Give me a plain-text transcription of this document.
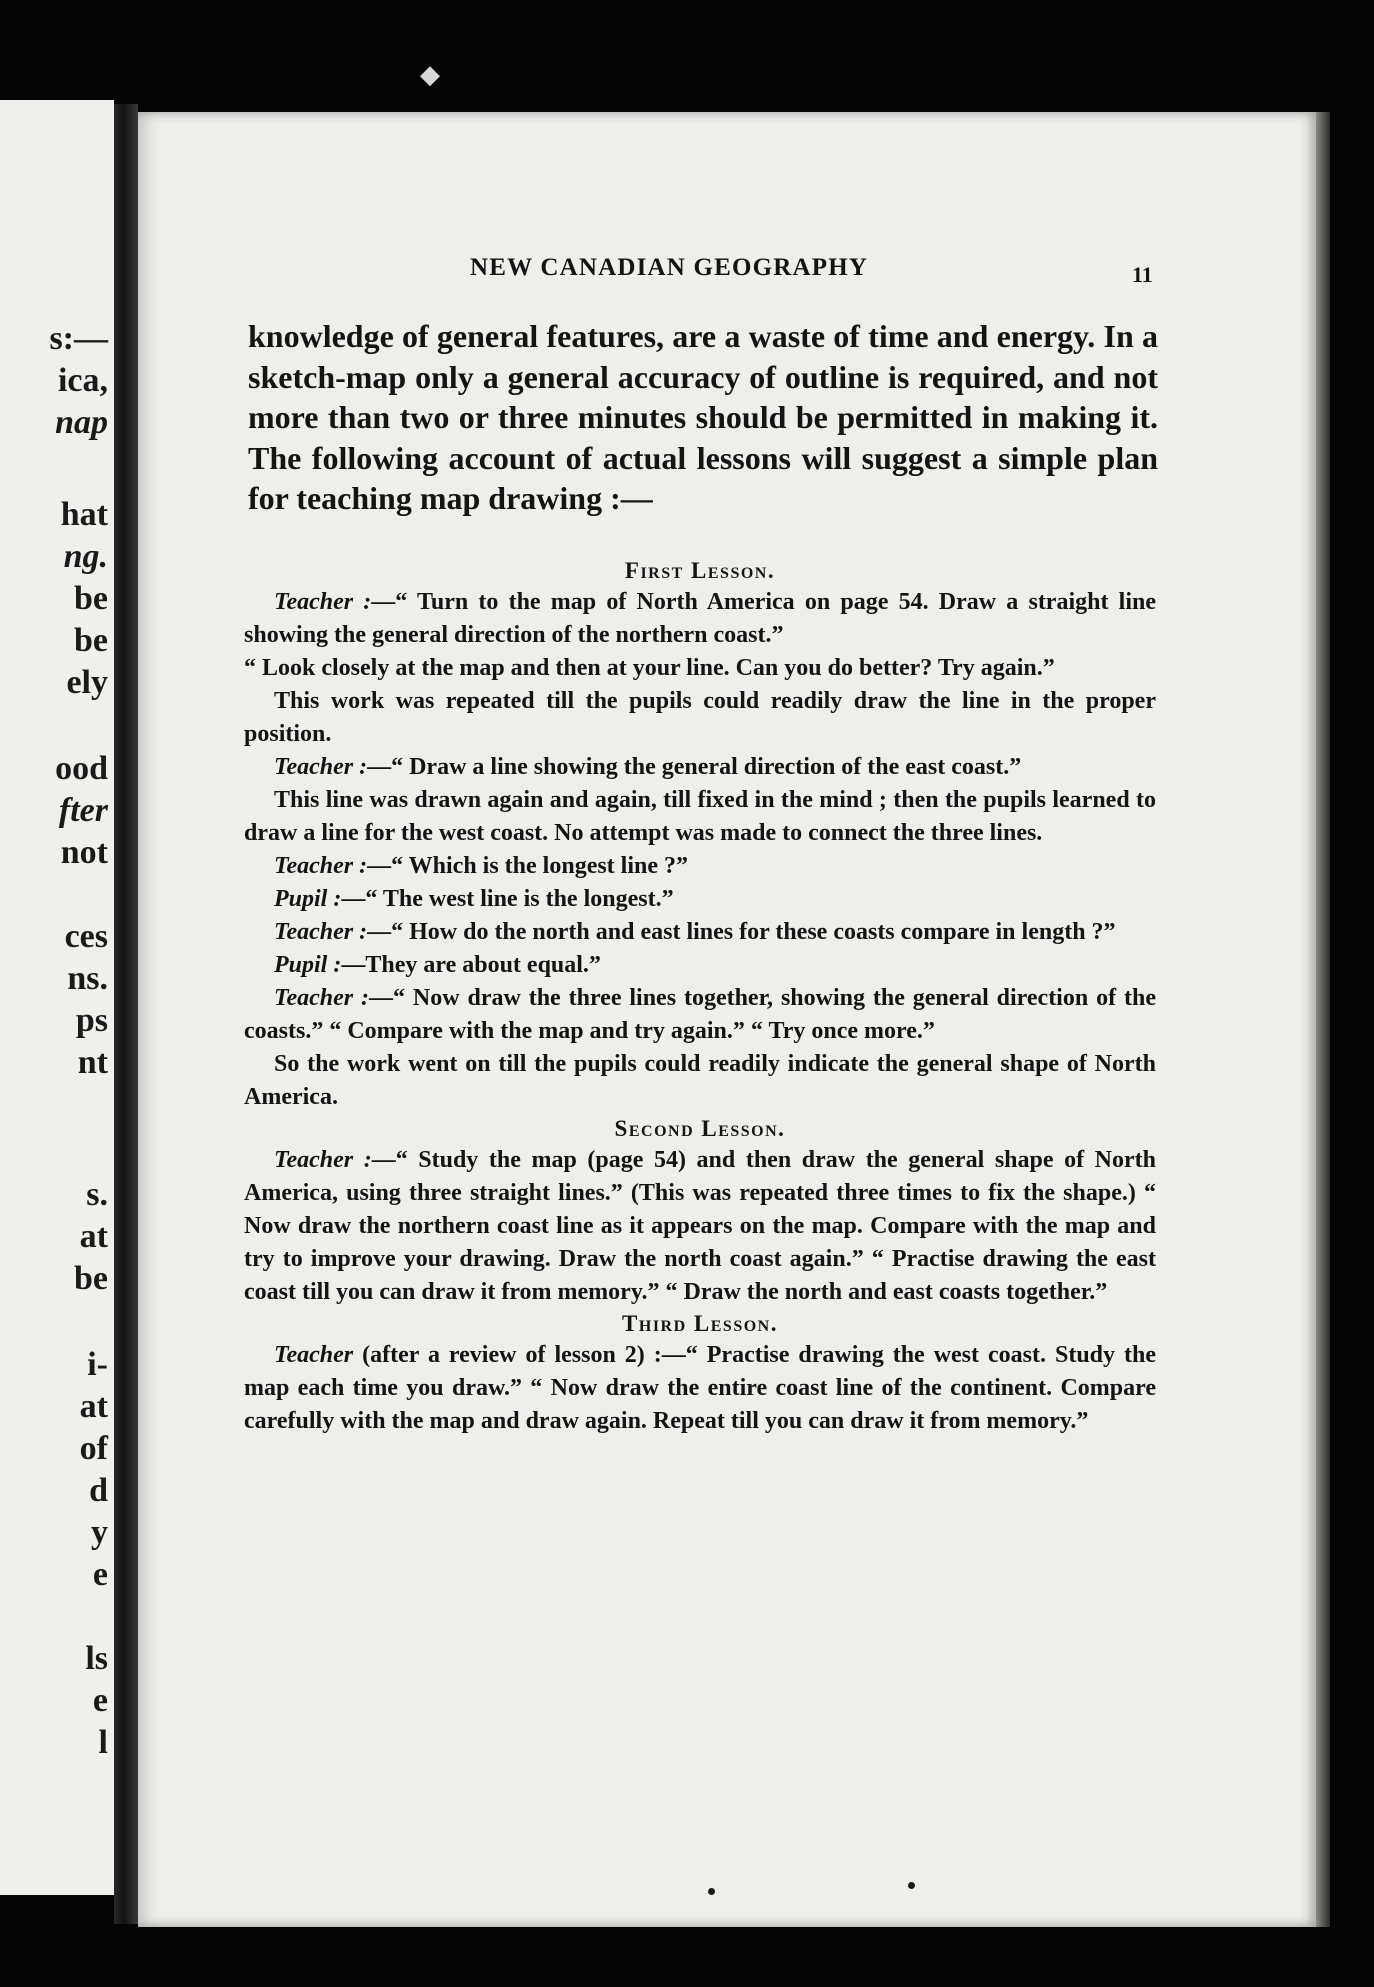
s:—
ica,
nap
hat
ng.
be
be
ely
ood
fter
not
ces
ns.
ps
nt
s.
at
be
i-
at
of
d
y
e
ls
e
l
◆
NEW CANADIAN GEOGRAPHY	11

knowledge of general features, are a waste of time and energy. In a sketch-map only a general accuracy of outline is required, and not more than two or three minutes should be permitted in making it. The following account of actual lessons will suggest a simple plan for teaching map drawing :—

First Lesson.

Teacher :—“ Turn to the map of North America on page 54. Draw a straight line showing the general direction of the northern coast.”

“ Look closely at the map and then at your line. Can you do better? Try again.”

This work was repeated till the pupils could readily draw the line in the proper position.

Teacher :—“ Draw a line showing the general direction of the east coast.”

This line was drawn again and again, till fixed in the mind ; then the pupils learned to draw a line for the west coast. No attempt was made to connect the three lines.

Teacher :—“ Which is the longest line ?”

Pupil :—“ The west line is the longest.”

Teacher :—“ How do the north and east lines for these coasts compare in length ?”

Pupil :—They are about equal.”

Teacher :—“ Now draw the three lines together, showing the general direction of the coasts.” “ Compare with the map and try again.” “ Try once more.”

So the work went on till the pupils could readily indicate the general shape of North America.

Second Lesson.

Teacher :—“ Study the map (page 54) and then draw the general shape of North America, using three straight lines.” (This was repeated three times to fix the shape.) “ Now draw the northern coast line as it appears on the map. Compare with the map and try to improve your drawing. Draw the north coast again.” “ Practise drawing the east coast till you can draw it from memory.” “ Draw the north and east coasts together.”

Third Lesson.

Teacher (after a review of lesson 2) :—“ Practise drawing the west coast. Study the map each time you draw.” “ Now draw the entire coast line of the continent. Compare carefully with the map and draw again. Repeat till you can draw it from memory.”
